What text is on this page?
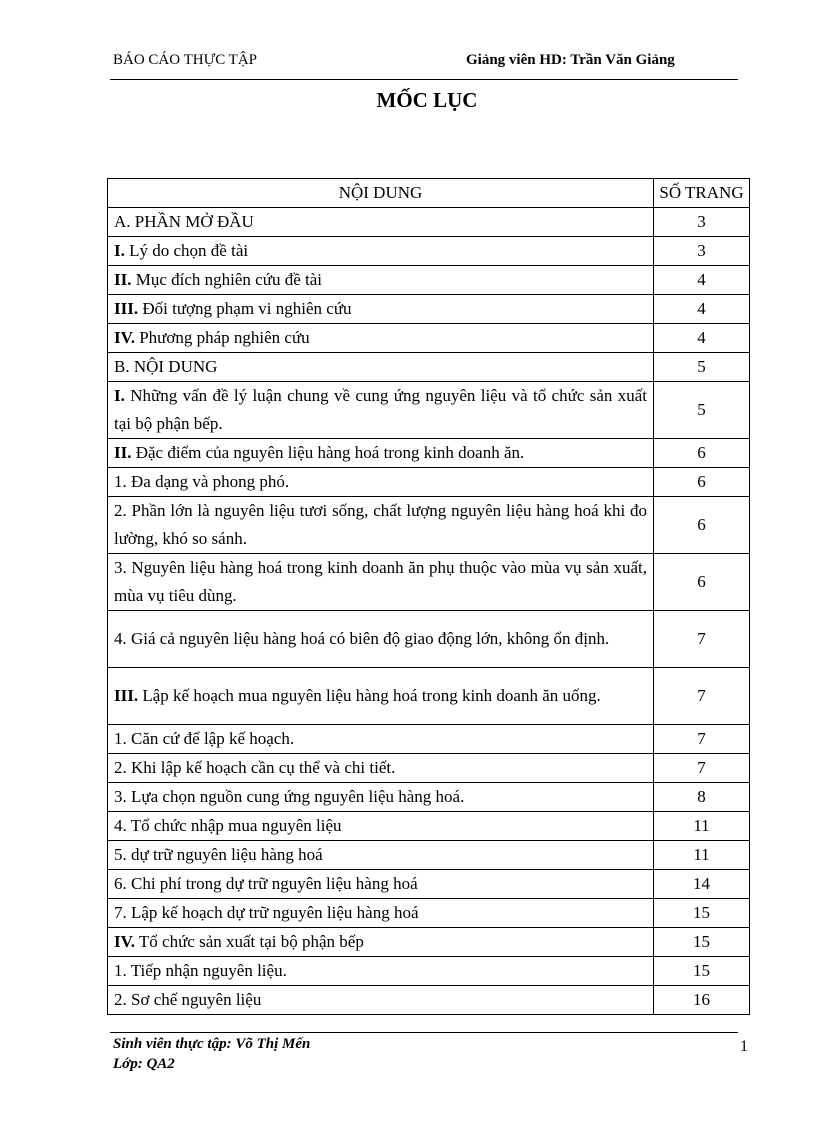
BÁO CÁO THỰC TẬP	Giảng viên HD: Trần Văn Giảng
MỐC LỤC
NỘI DUNG	SỐ TRANG
A. PHẦN MỞ ĐẦU	3
I. Lý do chọn đề tài	3
II. Mục đích nghiên cứu đề tài	4
III. Đối tượng phạm vi nghiên cứu	4
IV. Phương pháp nghiên cứu	4
B. NỘI DUNG	5
I. Những vấn đề lý luận chung về cung ứng nguyên liệu và tổ chức sản xuất tại bộ phận bếp.	5
II. Đặc điểm của nguyên liệu hàng hoá trong kinh doanh ăn.	6
1. Đa dạng và phong phó.	6
2. Phần lớn là nguyên liệu tươi sống, chất lượng nguyên liệu hàng hoá khi đo lường, khó so sánh.	6
3. Nguyên liệu hàng hoá trong kinh doanh ăn phụ thuộc vào mùa vụ sản xuất, mùa vụ tiêu dùng.	6
4. Giá cả nguyên liệu hàng hoá có biên độ giao động lớn, không ổn định.	7
III. Lập kế hoạch mua nguyên liệu hàng hoá trong kinh doanh ăn uống.	7
1. Căn cứ để lập kế hoạch.	7
2. Khi lập kế hoạch cần cụ thể và chi tiết.	7
3. Lựa chọn nguồn cung ứng nguyên liệu hàng hoá.	8
4. Tổ chức nhập mua nguyên liệu	11
5. dự trữ nguyên liệu hàng hoá	11
6. Chi phí trong dự trữ nguyên liệu hàng hoá	14
7. Lập kế hoạch dự trữ nguyên liệu hàng hoá	15
IV. Tổ chức sản xuất tại bộ phận bếp	15
1. Tiếp nhận nguyên liệu.	15
2. Sơ chế nguyên liệu	16
Sinh viên thực tập: Võ Thị Mến
Lớp: QA2
1
